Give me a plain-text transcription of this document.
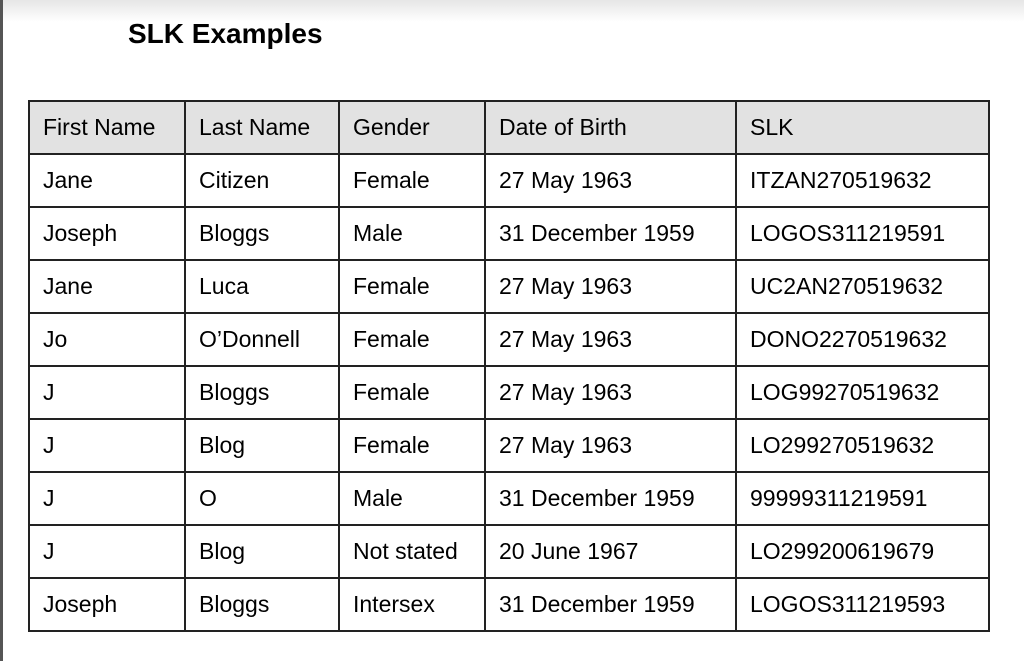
SLK Examples
First Name	Last Name	Gender	Date of Birth	SLK
Jane	Citizen	Female	27 May 1963	ITZAN270519632
Joseph	Bloggs	Male	31 December 1959	LOGOS311219591
Jane	Luca	Female	27 May 1963	UC2AN270519632
Jo	O’Donnell	Female	27 May 1963	DONO2270519632
J	Bloggs	Female	27 May 1963	LOG99270519632
J	Blog	Female	27 May 1963	LO299270519632
J	O	Male	31 December 1959	99999311219591
J	Blog	Not stated	20 June 1967	LO299200619679
Joseph	Bloggs	Intersex	31 December 1959	LOGOS311219593
